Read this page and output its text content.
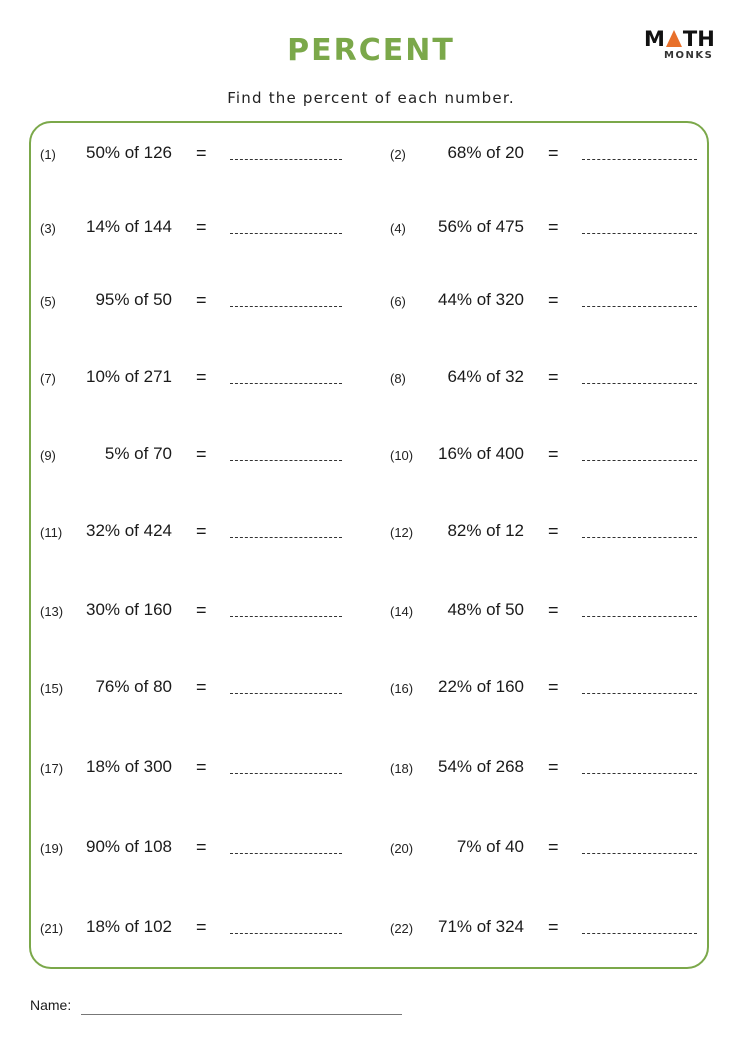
PERCENT	M TH
MONKS
Find the percent of each number.
(1)	50% of 126 =	(2)	68% of 20 =
(3)	14% of 144 =	(4)	56% of 475 =
(5)	95% of 50 =	(6)	44% of 320 =
(7)	10% of 271 =	(8)	64% of 32 =
(9)	5% of 70 =	(10)	16% of 400 =
(11)	32% of 424 =	(12)	82% of 12 =
(13)	30% of 160 =	(14)	48% of 50 =
(15)	76% of 80 =	(16)	22% of 160 =
(17)	18% of 300 =	(18)	54% of 268 =
(19)	90% of 108 =	(20)	7% of 40 =
(21)	18% of 102 =	(22)	71% of 324 =
Name:
